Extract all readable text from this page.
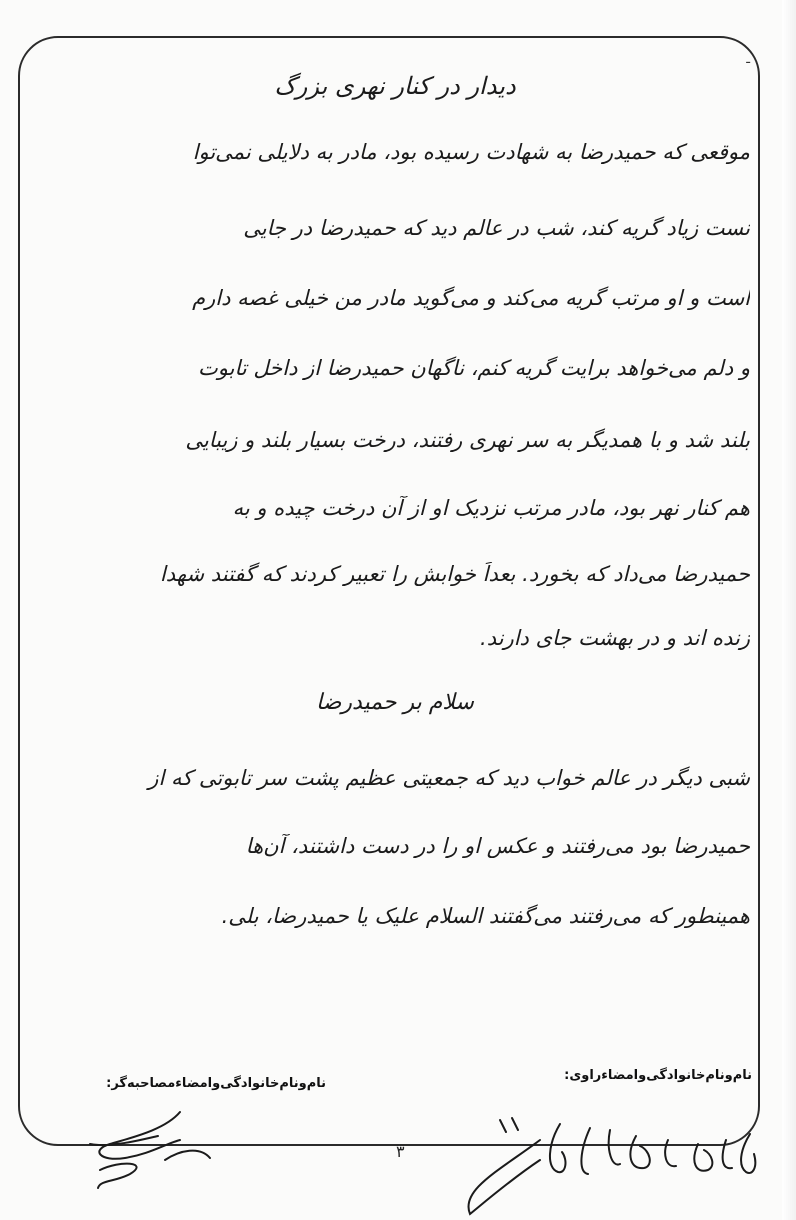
ـ
دیدار در کنار نهری بزرگ
موقعی که حمیدرضا به شهادت رسیده بود، مادر به دلایلی نمی‌توا
نست زیاد گریه کند، شب در عالم دید که حمیدرضا در جایی
است و او مرتب گریه می‌کند و می‌گوید مادر من خیلی غصه دارم
و دلم می‌خواهد برایت گریه کنم، ناگهان حمیدرضا از داخل تابوت
بلند شد و با همدیگر به سر نهری رفتند، درخت بسیار بلند و زیبایی
هم کنار نهر بود، مادر مرتب نزدیک او از آن درخت چیده و به
حمیدرضا می‌داد که بخورد. بعداً خوابش را تعبیر کردند که گفتند شهدا
زنده اند و در بهشت جای دارند.
سلام بر حمیدرضا
شبی دیگر در عالم خواب دید که جمعیتی عظیم پشت سر تابوتی که از
حمیدرضا بود می‌رفتند و عکس او را در دست داشتند، آن‌ها
همینطور که می‌رفتند می‌گفتند السلام علیک یا حمیدرضا، بلی.
نام‌ونام‌خانوادگی‌وامضاءراوی:
نام‌ونام‌خانوادگی‌وامضاءمصاحبه‌گر:
۳
